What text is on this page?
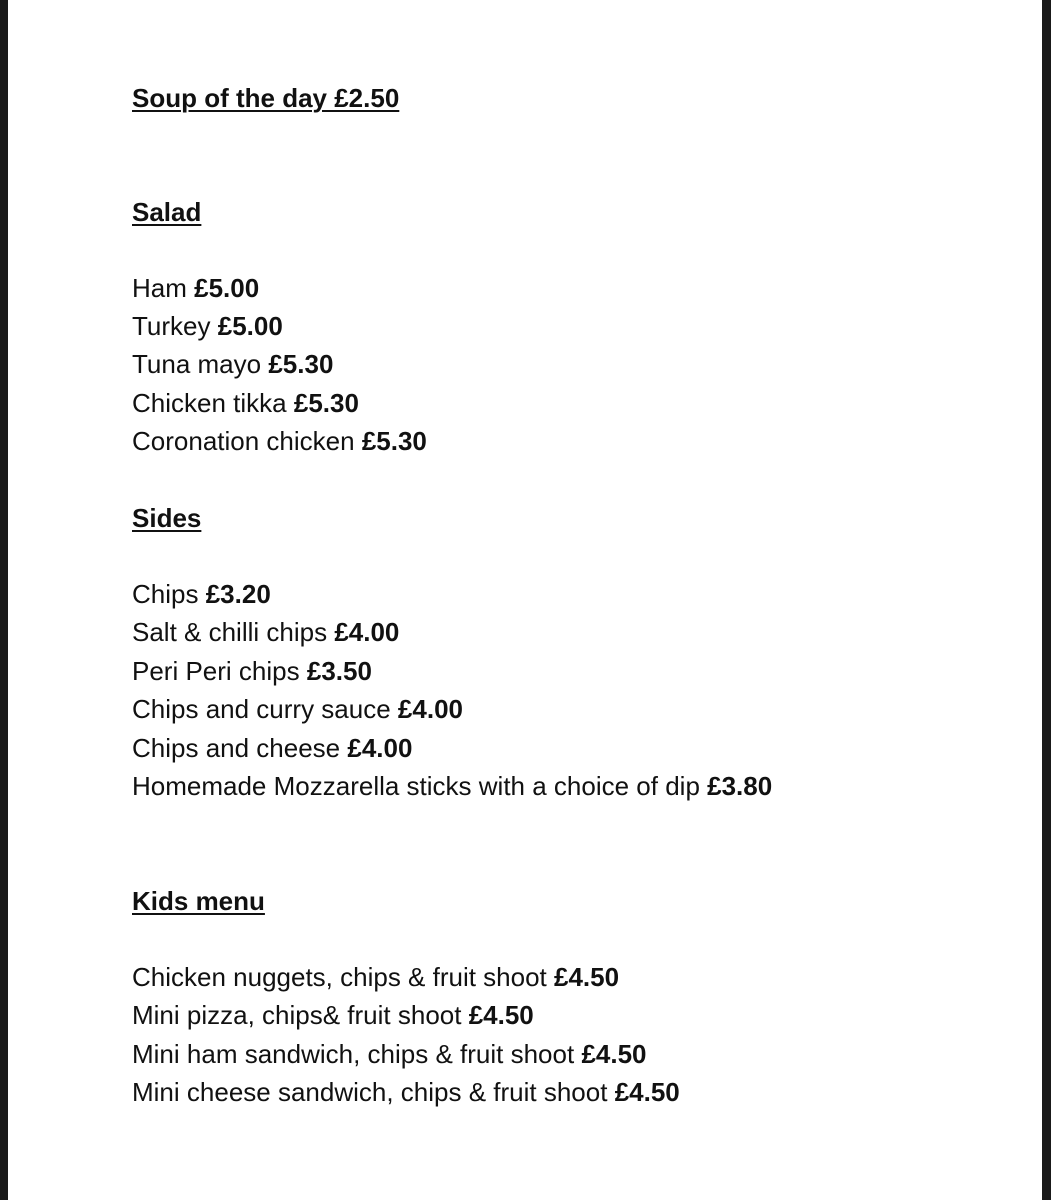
Soup of the day £2.50
Salad
Ham £5.00
Turkey £5.00
Tuna mayo £5.30
Chicken tikka £5.30
Coronation chicken £5.30
Sides
Chips £3.20
Salt & chilli chips £4.00
Peri Peri chips £3.50
Chips and curry sauce £4.00
Chips and cheese £4.00
Homemade Mozzarella sticks with a choice of dip £3.80
Kids menu
Chicken nuggets, chips & fruit shoot £4.50
Mini pizza, chips& fruit shoot £4.50
Mini ham sandwich, chips & fruit shoot £4.50
Mini cheese sandwich, chips & fruit shoot £4.50
